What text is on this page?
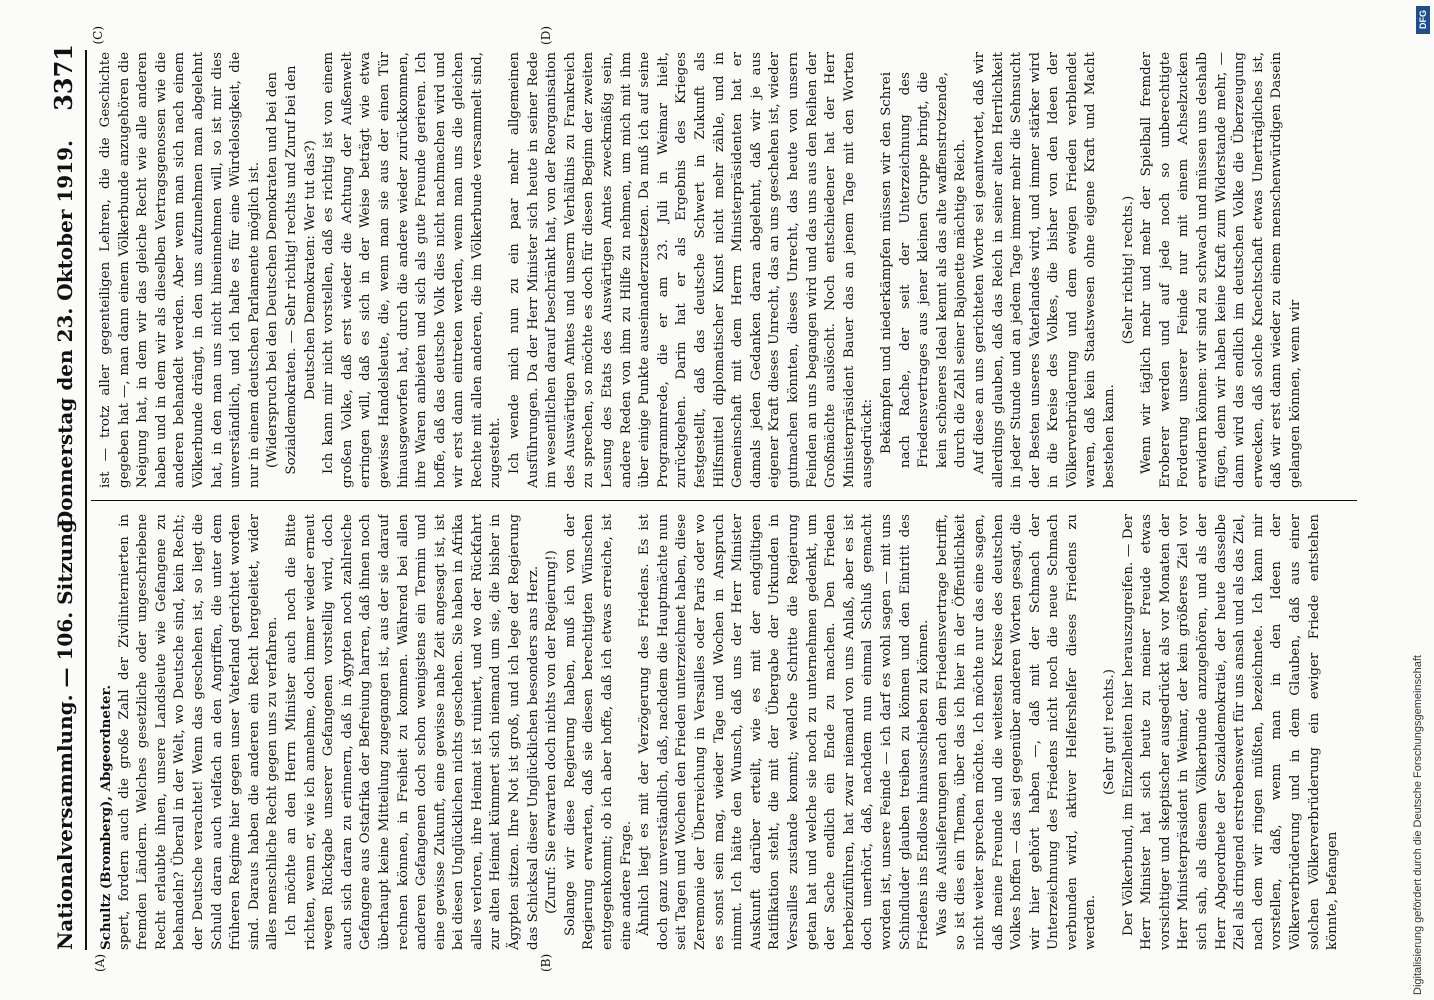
Nationalversammlung. — 106. Sitzung.
Donnerstag den 23. Oktober 1919.
3371
(A)	(B)
(C)	(D)

Schultz (Bromberg), Abgeordneter. spert, fordern auch die große Zahl der Zivilinternierten in fremden Ländern. Welches gesetzliche oder ungeschriebene Recht erlaubte ihnen, unsere Landsleute wie Gefangene zu behandeln? Überall in der Welt, wo Deutsche sind, kein Recht; der Deutsche verachtet! Wenn das geschehen ist, so liegt die Schuld daran auch vielfach an den Angriffen, die unter dem früheren Regime hier gegen unser Vaterland gerichtet worden sind. Daraus haben die anderen ein Recht hergeleitet, wider alles menschliche Recht gegen uns zu verfahren. Ich möchte an den Herrn Minister auch noch die Bitte richten, wenn er, wie ich annehme, doch immer wieder erneut wegen Rückgabe unserer Gefangenen vorstellig wird, doch auch sich daran zu erinnern, daß in Ägypten noch zahlreiche Gefangene aus Ostafrika der Befreiung harren, daß ihnen noch überhaupt keine Mitteilung zugegangen ist, aus der sie darauf rechnen können, in Freiheit zu kommen. Während bei allen anderen Gefangenen doch schon wenigstens ein Termin und eine gewisse Zukunft, eine gewisse nahe Zeit angesagt ist, ist bei diesen Unglücklichen nichts geschehen. Sie haben in Afrika alles verloren, ihre Heimat ist ruiniert, und wo der Rückfahrt zur alten Heimat kümmert sich niemand um sie, die bisher in Ägypten sitzen. Ihre Not ist groß, und ich lege der Regierung das Schicksal dieser Unglücklichen besonders ans Herz. (Zuruf: Sie erwarten doch nichts von der Regierung!) Solange wir diese Regierung haben, muß ich von der Regierung erwarten, daß sie diesen berechtigten Wünschen entgegenkommt; ob ich aber hoffe, daß ich etwas erreiche, ist eine andere Frage. Ähnlich liegt es mit der Verzögerung des Friedens. Es ist doch ganz unverständlich, daß, nachdem die Hauptmächte nun seit Tagen und Wochen den Frieden unterzeichnet haben, diese Zeremonie der Überreichung in Versailles oder Paris oder wo es sonst sein mag, wieder Tage und Wochen in Anspruch nimmt. Ich hätte den Wunsch, daß uns der Herr Minister Auskunft darüber erteilt, wie es mit der endgültigen Ratifikation steht, die mit der Übergabe der Urkunden in Versailles zustande kommt; welche Schritte die Regierung getan hat und welche sie noch zu unternehmen gedenkt, um der Sache endlich ein Ende zu machen. Den Frieden herbeizuführen, hat zwar niemand von uns Anlaß, aber es ist doch unerhört, daß, nachdem nun einmal Schluß gemacht worden ist, unsere Feinde — ich darf es wohl sagen — mit uns Schindluder glauben treiben zu können und den Eintritt des Friedens ins Endlose hinausschieben zu können. Was die Auslieferungen nach dem Friedensvertrage betrifft, so ist dies ein Thema, über das ich hier in der Öffentlichkeit nicht weiter sprechen möchte. Ich möchte nur das eine sagen, daß meine Freunde und die weitesten Kreise des deutschen Volkes hoffen — das sei gegenüber anderen Worten gesagt, die wir hier gehört haben —, daß mit der Schmach der Unterzeichnung des Friedens nicht noch die neue Schmach verbunden wird, aktiver Helfershelfer dieses Friedens zu werden.

(Sehr gut! rechts.) Der Völkerbund, im Einzelheiten hier herauszugreifen. — Der Herr Minister hat sich heute zu meiner Freude etwas vorsichtiger und skeptischer ausgedrückt als vor Monaten der Herr Ministerpräsident in Weimar, der kein größeres Ziel vor sich sah, als diesem Völkerbunde anzugehören, und als der Herr Abgeordnete der Sozialdemokratie, der heute dasselbe Ziel als dringend erstrebenswert für uns ansah und als das Ziel, nach dem wir ringen müßten, bezeichnete. Ich kann mir vorstellen, daß, wenn man in den Ideen der Völkerverbrüderung und in dem Glauben, daß aus einer solchen Völkerverbrüderung ein ewiger Friede entstehen könnte, befangen

ist — trotz aller gegenteiligen Lehren, die die Geschichte gegeben hat —, man dann einem Völkerbunde anzugehören die Neigung hat, in dem wir das gleiche Recht wie alle anderen haben und in dem wir als dieselben Vertragsgenossen wie die anderen behandelt werden. Aber wenn man sich nach einem Völkerbunde drängt, in den uns aufzunehmen man abgelehnt hat, in den man uns nicht hineinnehmen will, so ist mir dies unverständlich, und ich halte es für eine Würdelosigkeit, die nur in einem deutschen Parlamente möglich ist. (Widerspruch bei den Deutschen Demokraten und bei den Sozialdemokraten. — Sehr richtig! rechts und Zuruf bei den Deutschen Demokraten: Wer tut das?) Ich kann mir nicht vorstellen, daß es richtig ist von einem großen Volke, daß erst wieder die Achtung der Außenwelt erringen will, daß es sich in der Weise beträgt wie etwa gewisse Handelsleute, die, wenn man sie aus der einen Tür hinausgeworfen hat, durch die andere wieder zurückkommen, ihre Waren anbieten und sich als gute Freunde gerieren. Ich hoffe, daß das deutsche Volk dies nicht nachmachen wird und wir erst dann eintreten werden, wenn man uns die gleichen Rechte mit allen anderen, die im Völkerbunde versammelt sind, zugesteht. Ich wende mich nun zu ein paar mehr allgemeinen Ausführungen. Da der Herr Minister sich heute in seiner Rede im wesentlichen darauf beschränkt hat, von der Reorganisation des Auswärtigen Amtes und unserm Verhältnis zu Frankreich zu sprechen, so möchte es doch für diesen Beginn der zweiten Lesung des Etats des Auswärtigen Amtes zweckmäßig sein, andere Reden von ihm zu Hilfe zu nehmen, um mich mit ihm über einige Punkte auseinanderzusetzen. Da muß ich auf seine Programmrede, die er am 23. Juli in Weimar hielt, zurückgehen. Darin hat er als Ergebnis des Krieges festgestellt, daß das deutsche Schwert in Zukunft als Hilfsmittel diplomatischer Kunst nicht mehr zähle, und in Gemeinschaft mit dem Herrn Ministerpräsidenten hat er damals jeden Gedanken daran abgelehnt, daß wir je aus eigener Kraft dieses Unrecht, das an uns geschehen ist, wieder gutmachen könnten, dieses Unrecht, das heute von unsern Feinden an uns begangen wird und das uns aus den Reihen der Großmächte auslöscht. Noch entschiedener hat der Herr Ministerpräsident Bauer das an jenem Tage mit den Worten ausgedrückt: Bekämpfen und niederkämpfen müssen wir den Schrei nach Rache, der seit der Unterzeichnung des Friedensvertrages aus jener kleinen Gruppe bringt, die kein schöneres Ideal kennt als das alte waffenstrotzende, durch die Zahl seiner Bajonette mächtige Reich. Auf diese an uns gerichteten Worte sei geantwortet, daß wir allerdings glauben, daß das Reich in seiner alten Herrlichkeit in jeder Stunde und an jedem Tage immer mehr die Sehnsucht der Besten unseres Vaterlandes wird, und immer stärker wird in die Kreise des Volkes, die bisher von den Ideen der Völkerverbrüderung und dem ewigen Frieden verblendet waren, daß kein Staatswesen ohne eigene Kraft und Macht bestehen kann.

(Sehr richtig! rechts.) Wenn wir täglich mehr und mehr der Spielball fremder Eroberer werden und auf jede noch so unberechtigte Forderung unserer Feinde nur mit einem Achselzucken erwidern können: wir sind zu schwach und müssen uns deshalb fügen, denn wir haben keine Kraft zum Widerstande mehr, — dann wird das endlich im deutschen Volke die Überzeugung erwecken, daß solche Knechtschaft etwas Unerträgliches ist, daß wir erst dann wieder zu einem menschenwürdigen Dasein gelangen können, wenn wir

Digitalisierung gefördert durch die Deutsche Forschungsgemeinschaft
DFG
